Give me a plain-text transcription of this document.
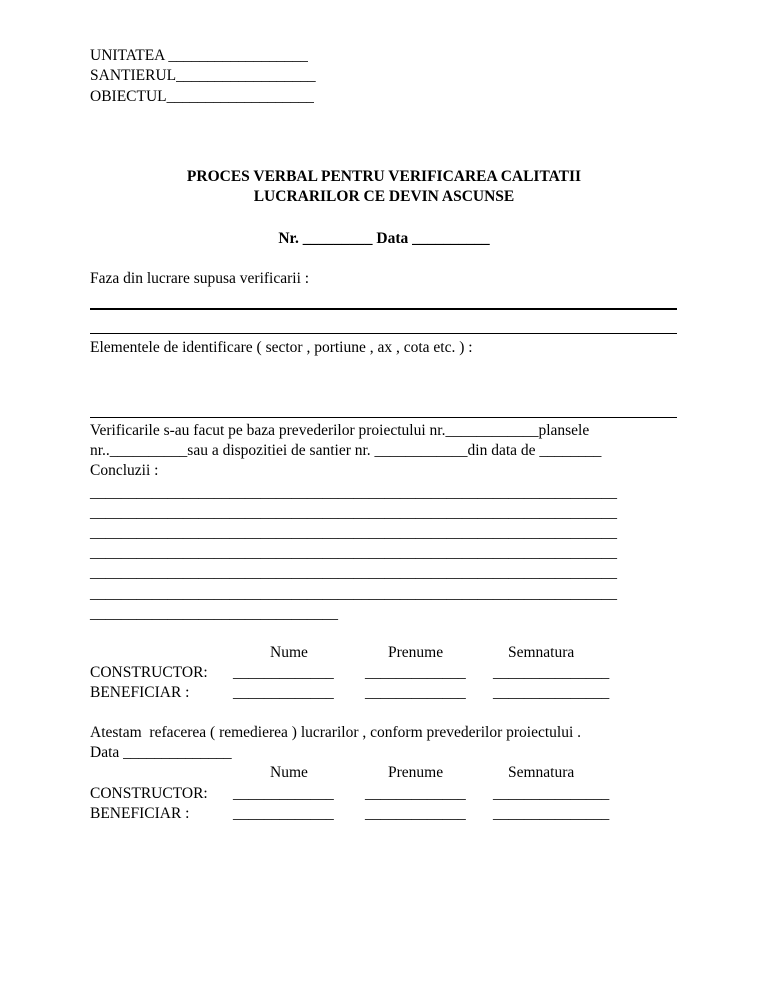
UNITATEA __________________
SANTIERUL__________________
OBIECTUL___________________
PROCES VERBAL PENTRU VERIFICAREA CALITATII
LUCRARILOR CE DEVIN ASCUNSE
Nr. _________ Data __________
Faza din lucrare supusa verificarii :
Elementele de identificare ( sector , portiune , ax , cota etc. ) :
Verificarile s-au facut pe baza prevederilor proiectului nr.____________plansele
nr..__________sau a dispozitiei de santier nr. ____________din data de ________
Concluzii :
____________________________________________________________________
____________________________________________________________________
____________________________________________________________________
____________________________________________________________________
____________________________________________________________________
____________________________________________________________________
________________________________
Nume	Prenume	Semnatura
CONSTRUCTOR: _____________ _____________ _______________
BENEFICIAR :	_____________ _____________ _______________
Atestam  refacerea ( remedierea ) lucrarilor , conform prevederilor proiectului .
Data ______________
Nume	Prenume	Semnatura
CONSTRUCTOR: _____________ _____________ _______________
BENEFICIAR :	_____________ _____________ _______________
